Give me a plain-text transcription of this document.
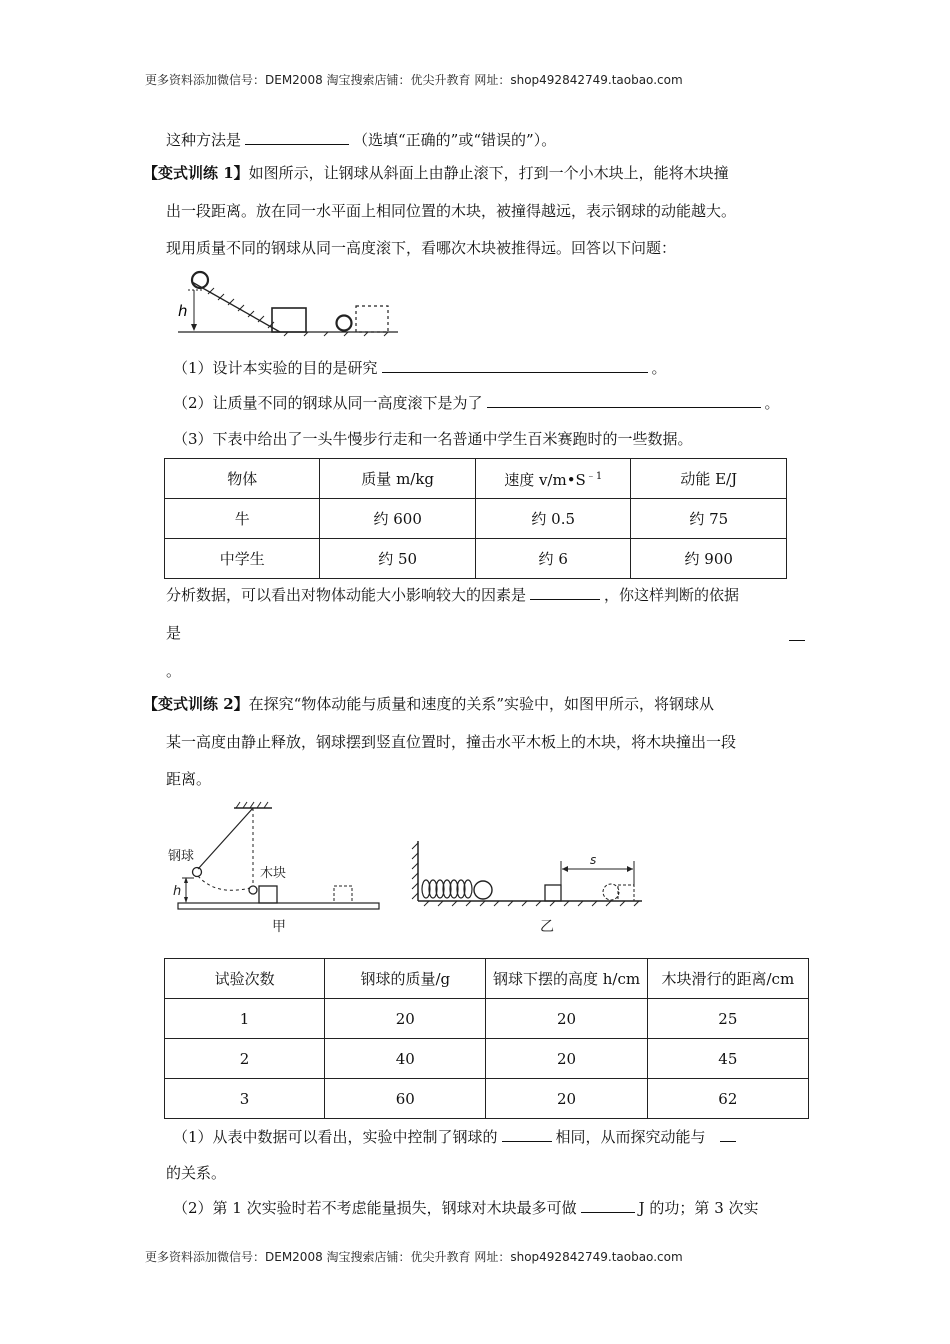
更多资料添加微信号：DEM2008 淘宝搜索店铺：优尖升教育 网址：shop492842749.taobao.com
这种方法是	（选填“正确的”或“错误的”）。
【变式训练 1】如图所示，让钢球从斜面上由静止滚下，打到一个小木块上，能将木块撞
出一段距离。放在同一水平面上相同位置的木块，被撞得越远，表示钢球的动能越大。
现用质量不同的钢球从同一高度滚下，看哪次木块被推得远。回答以下问题：
h
（1）设计本实验的目的是研究	。
（2）让质量不同的钢球从同一高度滚下是为了	。
（3）下表中给出了一头牛慢步行走和一名普通中学生百米赛跑时的一些数据。
物体	质量 m/kg	速度 $v/m•S^{﹣1}$	动能 E/J
牛	约 600	约 0.5	约 75
中学生	约 50	约 6	约 900
分析数据，可以看出对物体动能大小影响较大的因素是	，你这样判断的依据
是
。
【变式训练 2】在探究“物体动能与质量和速度的关系”实验中，如图甲所示，将钢球从
某一高度由静止释放，钢球摆到竖直位置时，撞击水平木板上的木块，将木块撞出一段
距离。
钢球
木块
h
甲
s
乙
试验次数	钢球的质量/g	钢球下摆的高度 h/cm	木块滑行的距离/cm
1	20	20	25
2	40	20	45
3	60	20	62
（1）从表中数据可以看出，实验中控制了钢球的	相同，从而探究动能与
的关系。
（2）第 1 次实验时若不考虑能量损失，钢球对木块最多可做	J 的功；第 3 次实
更多资料添加微信号：DEM2008 淘宝搜索店铺：优尖升教育 网址：shop492842749.taobao.com
